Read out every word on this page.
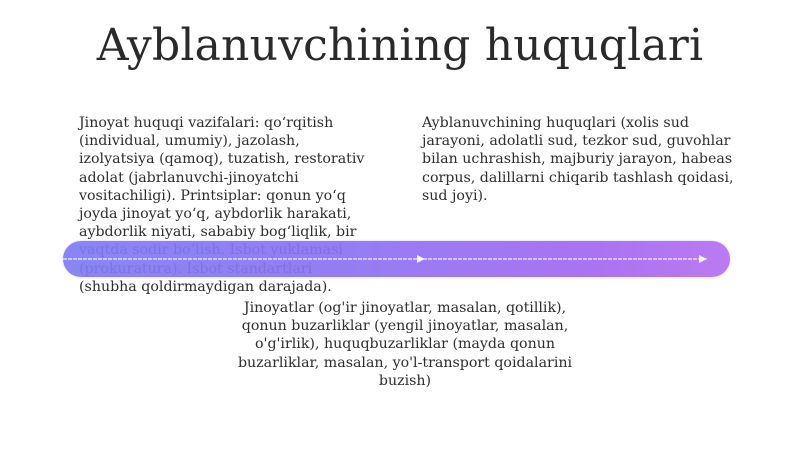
Ayblanuvchining huquqlari
Jinoyat huquqi vazifalari: qo‘rqitish
(individual, umumiy), jazolash,
izolyatsiya (qamoq), tuzatish, restorativ
adolat (jabrlanuvchi-jinoyatchi
vositachiligi). Printsiplar: qonun yo‘q
joyda jinoyat yo‘q, aybdorlik harakati,
aybdorlik niyati, sababiy bog‘liqlik, bir

(shubha qoldirmaydigan darajada).
Ayblanuvchining huquqlari (xolis sud
jarayoni, adolatli sud, tezkor sud, guvohlar
bilan uchrashish, majburiy jarayon, habeas
corpus, dalillarni chiqarib tashlash qoidasi,
sud joyi).
Jinoyatlar (og'ir jinoyatlar, masalan, qotillik),
qonun buzarliklar (yengil jinoyatlar, masalan,
o'g'irlik), huquqbuzarliklar (mayda qonun
buzarliklar, masalan, yo'l-transport qoidalarini
buzish)
